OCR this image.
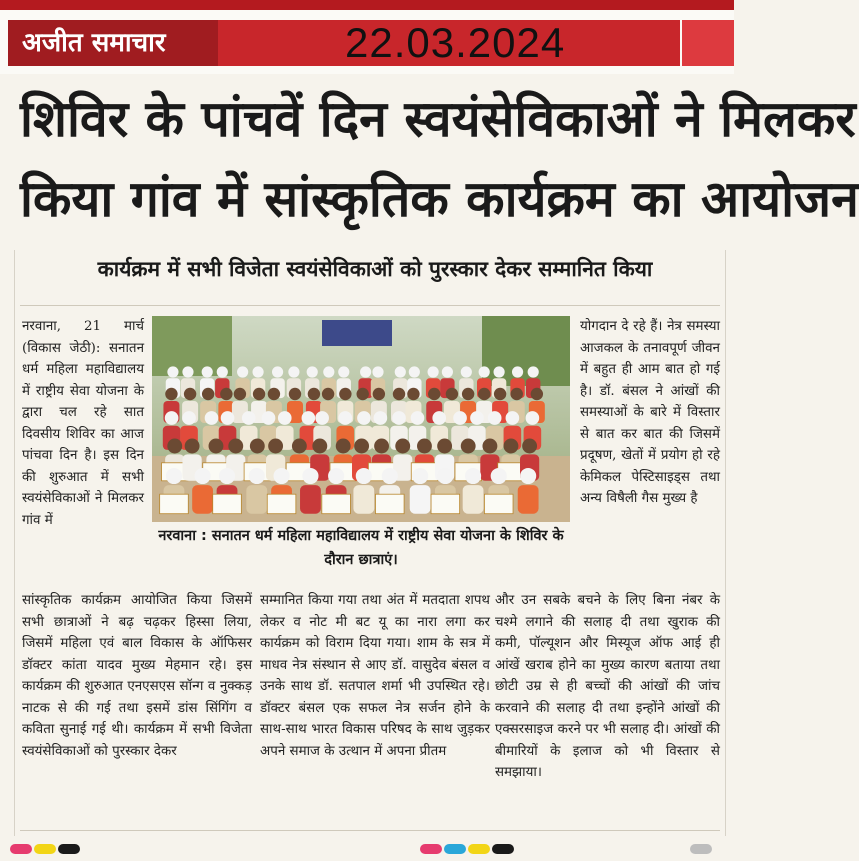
अजीत समाचार	22.03.2024
शिविर के पांचवें दिन स्वयंसेविकाओं ने मिलकर
किया गांव में सांस्कृतिक कार्यक्रम का आयोजन
कार्यक्रम में सभी विजेता स्वयंसेविकाओं को पुरस्कार देकर सम्मानित किया
नरवाना, 21 मार्च (विकास जेठी): सनातन धर्म महिला महाविद्यालय में राष्ट्रीय सेवा योजना के द्वारा चल रहे सात दिवसीय शिविर का आज पांचवा दिन है। इस दिन की शुरुआत में सभी स्वयंसेविकाओं ने मिलकर गांव में
नरवाना : सनातन धर्म महिला महाविद्यालय में राष्ट्रीय सेवा योजना के शिविर के दौरान छात्राएं।
योगदान दे रहे हैं। नेत्र समस्या आजकल के तनावपूर्ण जीवन में बहुत ही आम बात हो गई है। डॉ. बंसल ने आंखों की समस्याओं के बारे में विस्तार से बात कर बात की जिसमें प्रदूषण, खेतों में प्रयोग हो रहे केमिकल पेस्टिसाइड्स तथा अन्य विषैली गैस मुख्य है
सांस्कृतिक कार्यक्रम आयोजित किया जिसमें सभी छात्राओं ने बढ़ चढ़कर हिस्सा लिया, जिसमें महिला एवं बाल विकास के ऑफिसर डॉक्टर कांता यादव मुख्य मेहमान रहे। इस कार्यक्रम की शुरुआत एनएसएस सॉन्ग व नुक्कड़ नाटक से की गई तथा इसमें डांस सिंगिंग व कविता सुनाई गई थी। कार्यक्रम में सभी विजेता स्वयंसेविकाओं को पुरस्कार देकर
सम्मानित किया गया तथा अंत में मतदाता शपथ लेकर व नोट मी बट यू का नारा लगा कर कार्यक्रम को विराम दिया गया। शाम के सत्र में माधव नेत्र संस्थान से आए डॉ. वासुदेव बंसल व उनके साथ डॉ. सतपाल शर्मा भी उपस्थित रहे। डॉक्टर बंसल एक सफल नेत्र सर्जन होने के साथ-साथ भारत विकास परिषद के साथ जुड़कर अपने समाज के उत्थान में अपना प्रीतम
और उन सबके बचने के लिए बिना नंबर के चश्मे लगाने की सलाह दी तथा खुराक की कमी, पॉल्यूशन और मिस्यूज ऑफ आई ही आंखें खराब होने का मुख्य कारण बताया तथा छोटी उम्र से ही बच्चों की आंखों की जांच करवाने की सलाह दी तथा इन्होंने आंखों की एक्सरसाइज करने पर भी सलाह दी। आंखों की बीमारियों के इलाज को भी विस्तार से समझाया।
